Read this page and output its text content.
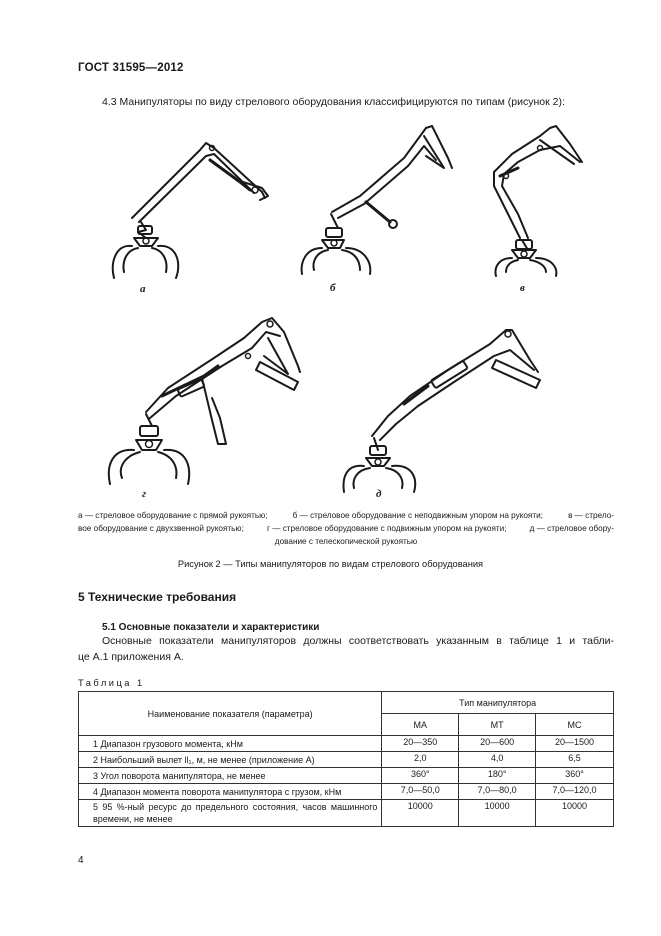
ГОСТ 31595—2012
4.3 Манипуляторы по виду стрелового оборудования классифицируются по типам (рисунок 2):
а	б	в
г	д
а — стреловое оборудование с прямой рукоятью;	б — стреловое оборудование с неподвижным упором на рукояти;	в — стрело-
вое оборудование с двухзвенной рукоятью;	г — стреловое оборудование с подвижным упором на рукояти;	д — стреловое обору-
дование с телескопической рукоятью
Рисунок 2 — Типы манипуляторов по видам стрелового оборудования
5 Технические требования
5.1 Основные показатели и характеристики
Основные показатели манипуляторов должны соответствовать указанным в таблице 1 и табли-
це А.1 приложения А.
Таблица 1
Наименование показателя (параметра)	Тип манипулятора		
	МА	МТ	МС
1 Диапазон грузового момента, кНм	20—350	20—600	20—1500
2 Наибольший вылет ll₁, м, не менее (приложение А)	2,0	4,0	6,5
3 Угол поворота манипулятора, не менее	360°	180°	360°
4 Диапазон момента поворота манипулятора с грузом, кНм	7,0—50,0	7,0—80,0	7,0—120,0
5 95 %-ный ресурс до предельного состояния, часов машинного времени, не менее	10000	10000	10000
4
